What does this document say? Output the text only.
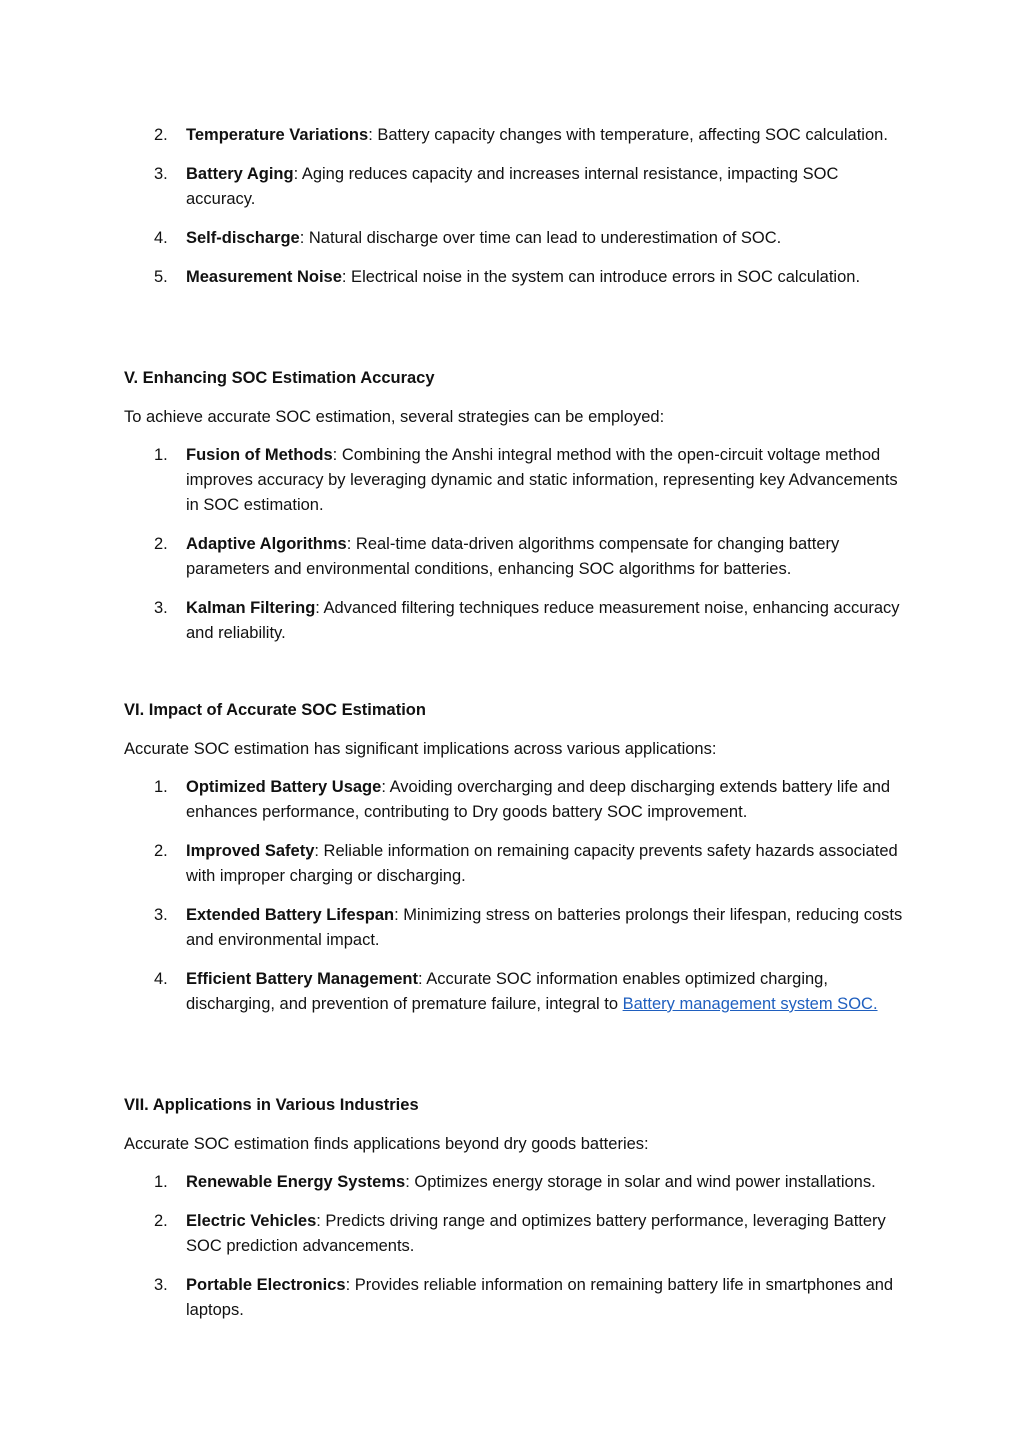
2. Temperature Variations: Battery capacity changes with temperature, affecting SOC calculation.
3. Battery Aging: Aging reduces capacity and increases internal resistance, impacting SOC accuracy.
4. Self-discharge: Natural discharge over time can lead to underestimation of SOC.
5. Measurement Noise: Electrical noise in the system can introduce errors in SOC calculation.
V. Enhancing SOC Estimation Accuracy

To achieve accurate SOC estimation, several strategies can be employed:

1. Fusion of Methods: Combining the Anshi integral method with the open-circuit voltage method improves accuracy by leveraging dynamic and static information, representing key Advancements in SOC estimation.
2. Adaptive Algorithms: Real-time data-driven algorithms compensate for changing battery parameters and environmental conditions, enhancing SOC algorithms for batteries.
3. Kalman Filtering: Advanced filtering techniques reduce measurement noise, enhancing accuracy and reliability.
VI. Impact of Accurate SOC Estimation

Accurate SOC estimation has significant implications across various applications:

1. Optimized Battery Usage: Avoiding overcharging and deep discharging extends battery life and enhances performance, contributing to Dry goods battery SOC improvement.
2. Improved Safety: Reliable information on remaining capacity prevents safety hazards associated with improper charging or discharging.
3. Extended Battery Lifespan: Minimizing stress on batteries prolongs their lifespan, reducing costs and environmental impact.
4. Efficient Battery Management: Accurate SOC information enables optimized charging, discharging, and prevention of premature failure, integral to Battery management system SOC.
VII. Applications in Various Industries

Accurate SOC estimation finds applications beyond dry goods batteries:

1. Renewable Energy Systems: Optimizes energy storage in solar and wind power installations.
2. Electric Vehicles: Predicts driving range and optimizes battery performance, leveraging Battery SOC prediction advancements.
3. Portable Electronics: Provides reliable information on remaining battery life in smartphones and laptops.
